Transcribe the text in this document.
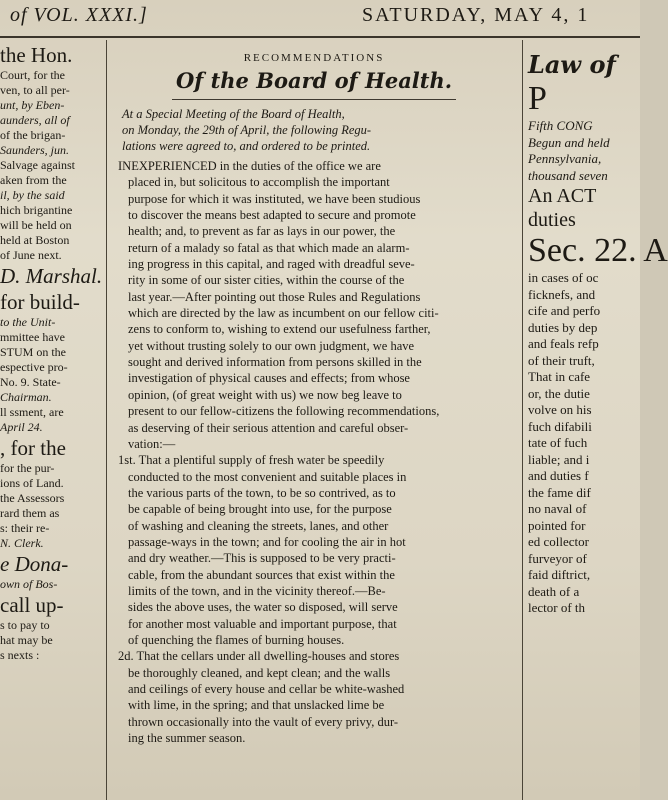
of VOL. XXXI.]	SATURDAY, MAY 4, 1
the Hon.
Court, for the
ven, to all per-
unt, by Eben-
aunders, all of
of the brigan-
Saunders, jun.
Salvage against
aken from the
il, by the said
hich brigantine
will be held on
held at Boston
of June next.
D. Marshal.
for build-
to the Unit-
mmittee have
STUM on the
espective pro-
No. 9. State-
Chairman.
ll ssment, are
April 24.
, for the
for the pur-
ions of Land.
the Assessors
rard them as
s: their re-
N. Clerk.
e Dona-
own of Bos-
call up-
s to pay to
hat may be
s nexts :
RECOMMENDATIONS
Of the Board of Health.
At a Special Meeting of the Board of Health,
on Monday, the 29th of April, the following Regu-
lations were agreed to, and ordered to be printed.
INEXPERIENCED in the duties of the office we are
placed in, but solicitous to accomplish the important
purpose for which it was instituted, we have been studious
to discover the means best adapted to secure and promote
health; and, to prevent as far as lays in our power, the
return of a malady so fatal as that which made an alarm-
ing progress in this capital, and raged with dreadful seve-
rity in some of our sister cities, within the course of the
last year.—After pointing out those Rules and Regulations
which are directed by the law as incumbent on our fellow citi-
zens to conform to, wishing to extend our usefulness farther,
yet without trusting solely to our own judgment, we have
sought and derived information from persons skilled in the
investigation of physical causes and effects; from whose
opinion, (of great weight with us) we now beg leave to
present to our fellow-citizens the following recommendations,
as deserving of their serious attention and careful obser-
vation:—
1st. That a plentiful supply of fresh water be speedily
conducted to the most convenient and suitable places in
the various parts of the town, to be so contrived, as to
be capable of being brought into use, for the purpose
of washing and cleaning the streets, lanes, and other
passage-ways in the town; and for cooling the air in hot
and dry weather.—This is supposed to be very practi-
cable, from the abundant sources that exist within the
limits of the town, and in the vicinity thereof.—Be-
sides the above uses, the water so disposed, will serve
for another most valuable and important purpose, that
of quenching the flames of burning houses.
2d. That the cellars under all dwelling-houses and stores
be thoroughly cleaned, and kept clean; and the walls
and ceilings of every house and cellar be white-washed
with lime, in the spring; and that unslacked lime be
thrown occasionally into the vault of every privy, dur-
ing the summer season.
Law of
P
Fifth CONG
Begun and held
Pennsylvania,
thousand seven
An ACT
duties
Sec. 22. A
in cases of oc
ficknefs, and
cife and perfo
duties by dep
and feals refp
of their truft,
That in cafe
or, the dutie
volve on his
fuch difabili
tate of fuch
liable; and i
and duties f
the fame dif
no naval of
pointed for
ed collector
furveyor of
faid diftrict,
death of a
lector of th
